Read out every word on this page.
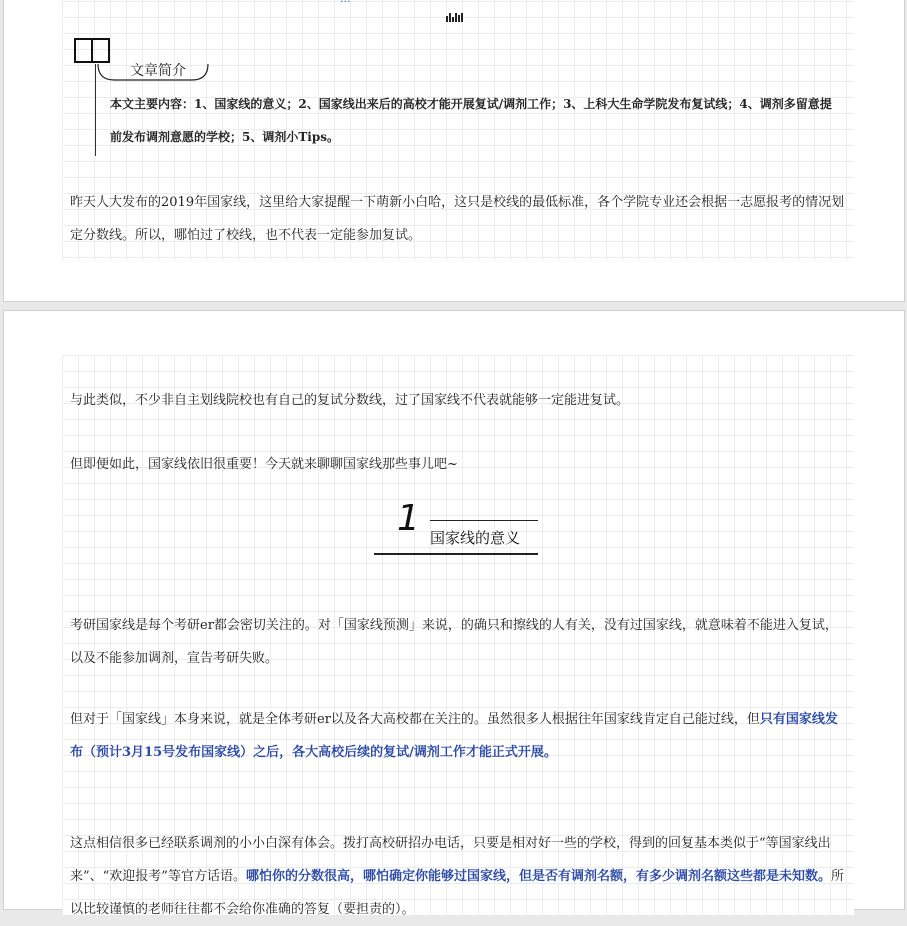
文章简介
本文主要内容：1、国家线的意义；2、国家线出来后的高校才能开展复试/调剂工作；3、上科大生命学院发布复试线；4、调剂多留意提前发布调剂意愿的学校；5、调剂小Tips。
昨天人大发布的2019年国家线，这里给大家提醒一下萌新小白哈，这只是校线的最低标准，各个学院专业还会根据一志愿报考的情况划定分数线。所以，哪怕过了校线，也不代表一定能参加复试。
与此类似，不少非自主划线院校也有自己的复试分数线，过了国家线不代表就能够一定能进复试。
但即便如此，国家线依旧很重要！今天就来聊聊国家线那些事儿吧~
1 国家线的意义
考研国家线是每个考研er都会密切关注的。对「国家线预测」来说，的确只和擦线的人有关，没有过国家线，就意味着不能进入复试，以及不能参加调剂，宣告考研失败。
但对于「国家线」本身来说，就是全体考研er以及各大高校都在关注的。虽然很多人根据往年国家线肯定自己能过线，但只有国家线发布（预计3月15号发布国家线）之后，各大高校后续的复试/调剂工作才能正式开展。
这点相信很多已经联系调剂的小小白深有体会。拨打高校研招办电话，只要是相对好一些的学校，得到的回复基本类似于“等国家线出来”、“欢迎报考”等官方话语。哪怕你的分数很高，哪怕确定你能够过国家线，但是否有调剂名额，有多少调剂名额这些都是未知数。所以比较谨慎的老师往往都不会给你准确的答复（要担责的）。
